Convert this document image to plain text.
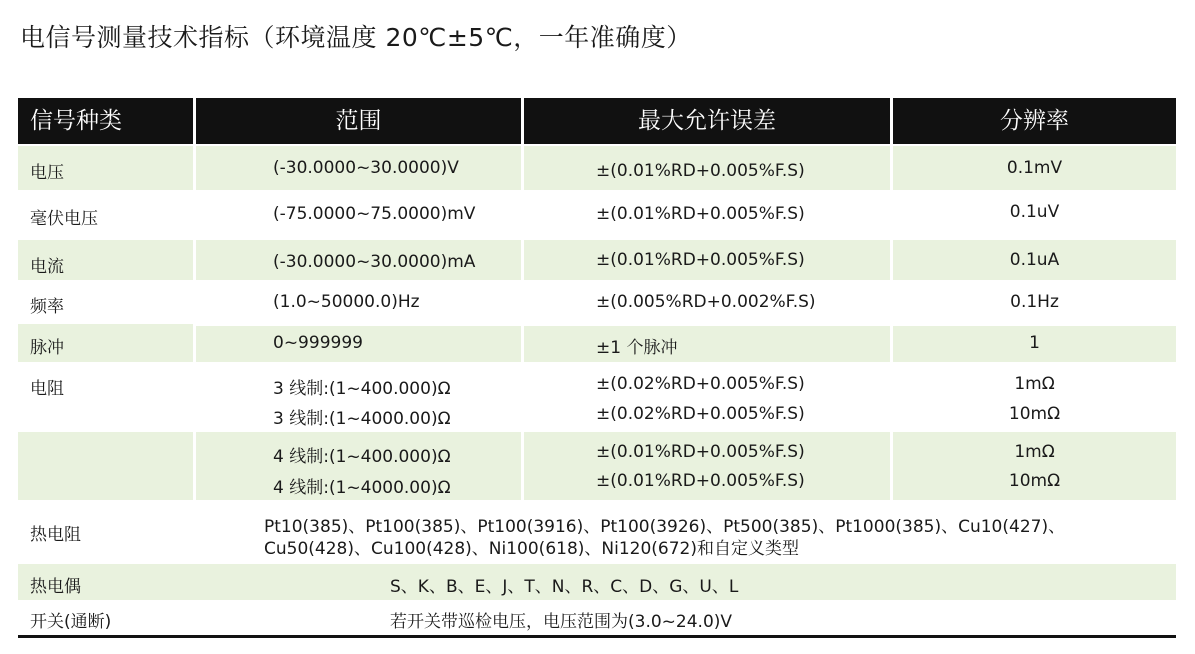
电信号测量技术指标（环境温度 20℃±5℃，一年准确度）
信号种类	范围	最大允许误差	分辨率
电压	(-30.0000~30.0000)V	±(0.01%RD+0.005%F.S)	0.1mV
毫伏电压	(-75.0000~75.0000)mV	±(0.01%RD+0.005%F.S)	0.1uV
电流	(-30.0000~30.0000)mA	±(0.01%RD+0.005%F.S)	0.1uA
频率	(1.0~50000.0)Hz	±(0.005%RD+0.002%F.S)	0.1Hz
脉冲	0~999999	±1 个脉冲	1
电阻	3 线制:(1~400.000)Ω	±(0.02%RD+0.005%F.S)	1mΩ
3 线制:(1~4000.00)Ω	±(0.02%RD+0.005%F.S)	10mΩ
4 线制:(1~400.000)Ω	±(0.01%RD+0.005%F.S)	1mΩ
4 线制:(1~4000.00)Ω	±(0.01%RD+0.005%F.S)	10mΩ
热电阻	Pt10(385)、Pt100(385)、Pt100(3916)、Pt100(3926)、Pt500(385)、Pt1000(385)、Cu10(427)、
Cu50(428)、Cu100(428)、Ni100(618)、Ni120(672)和自定义类型
热电偶	S、K、B、E、J、T、N、R、C、D、G、U、L
开关(通断)	若开关带巡检电压，电压范围为(3.0~24.0)V
